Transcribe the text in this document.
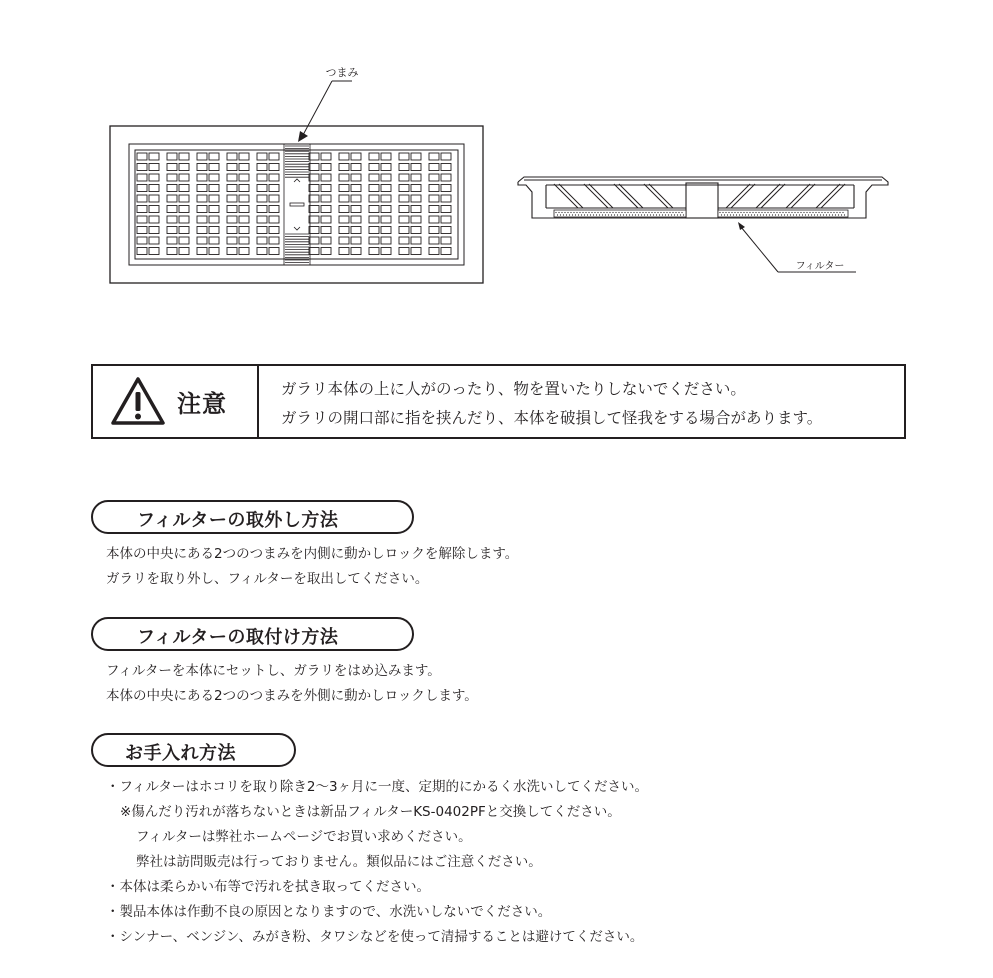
つまみ
フィルター
注意
ガラリ本体の上に人がのったり、物を置いたりしないでください。
ガラリの開口部に指を挟んだり、本体を破損して怪我をする場合があります。
フィルターの取外し方法
本体の中央にある2つのつまみを内側に動かしロックを解除します。
ガラリを取り外し、フィルターを取出してください。
フィルターの取付け方法
フィルターを本体にセットし、ガラリをはめ込みます。
本体の中央にある2つのつまみを外側に動かしロックします。
お手入れ方法
・フィルターはホコリを取り除き2～3ヶ月に一度、定期的にかるく水洗いしてください。
※傷んだり汚れが落ちないときは新品フィルターKS-0402PFと交換してください。
フィルターは弊社ホームページでお買い求めください。
弊社は訪問販売は行っておりません。類似品にはご注意ください。
・本体は柔らかい布等で汚れを拭き取ってください。
・製品本体は作動不良の原因となりますので、水洗いしないでください。
・シンナー、ベンジン、みがき粉、タワシなどを使って清掃することは避けてください。
